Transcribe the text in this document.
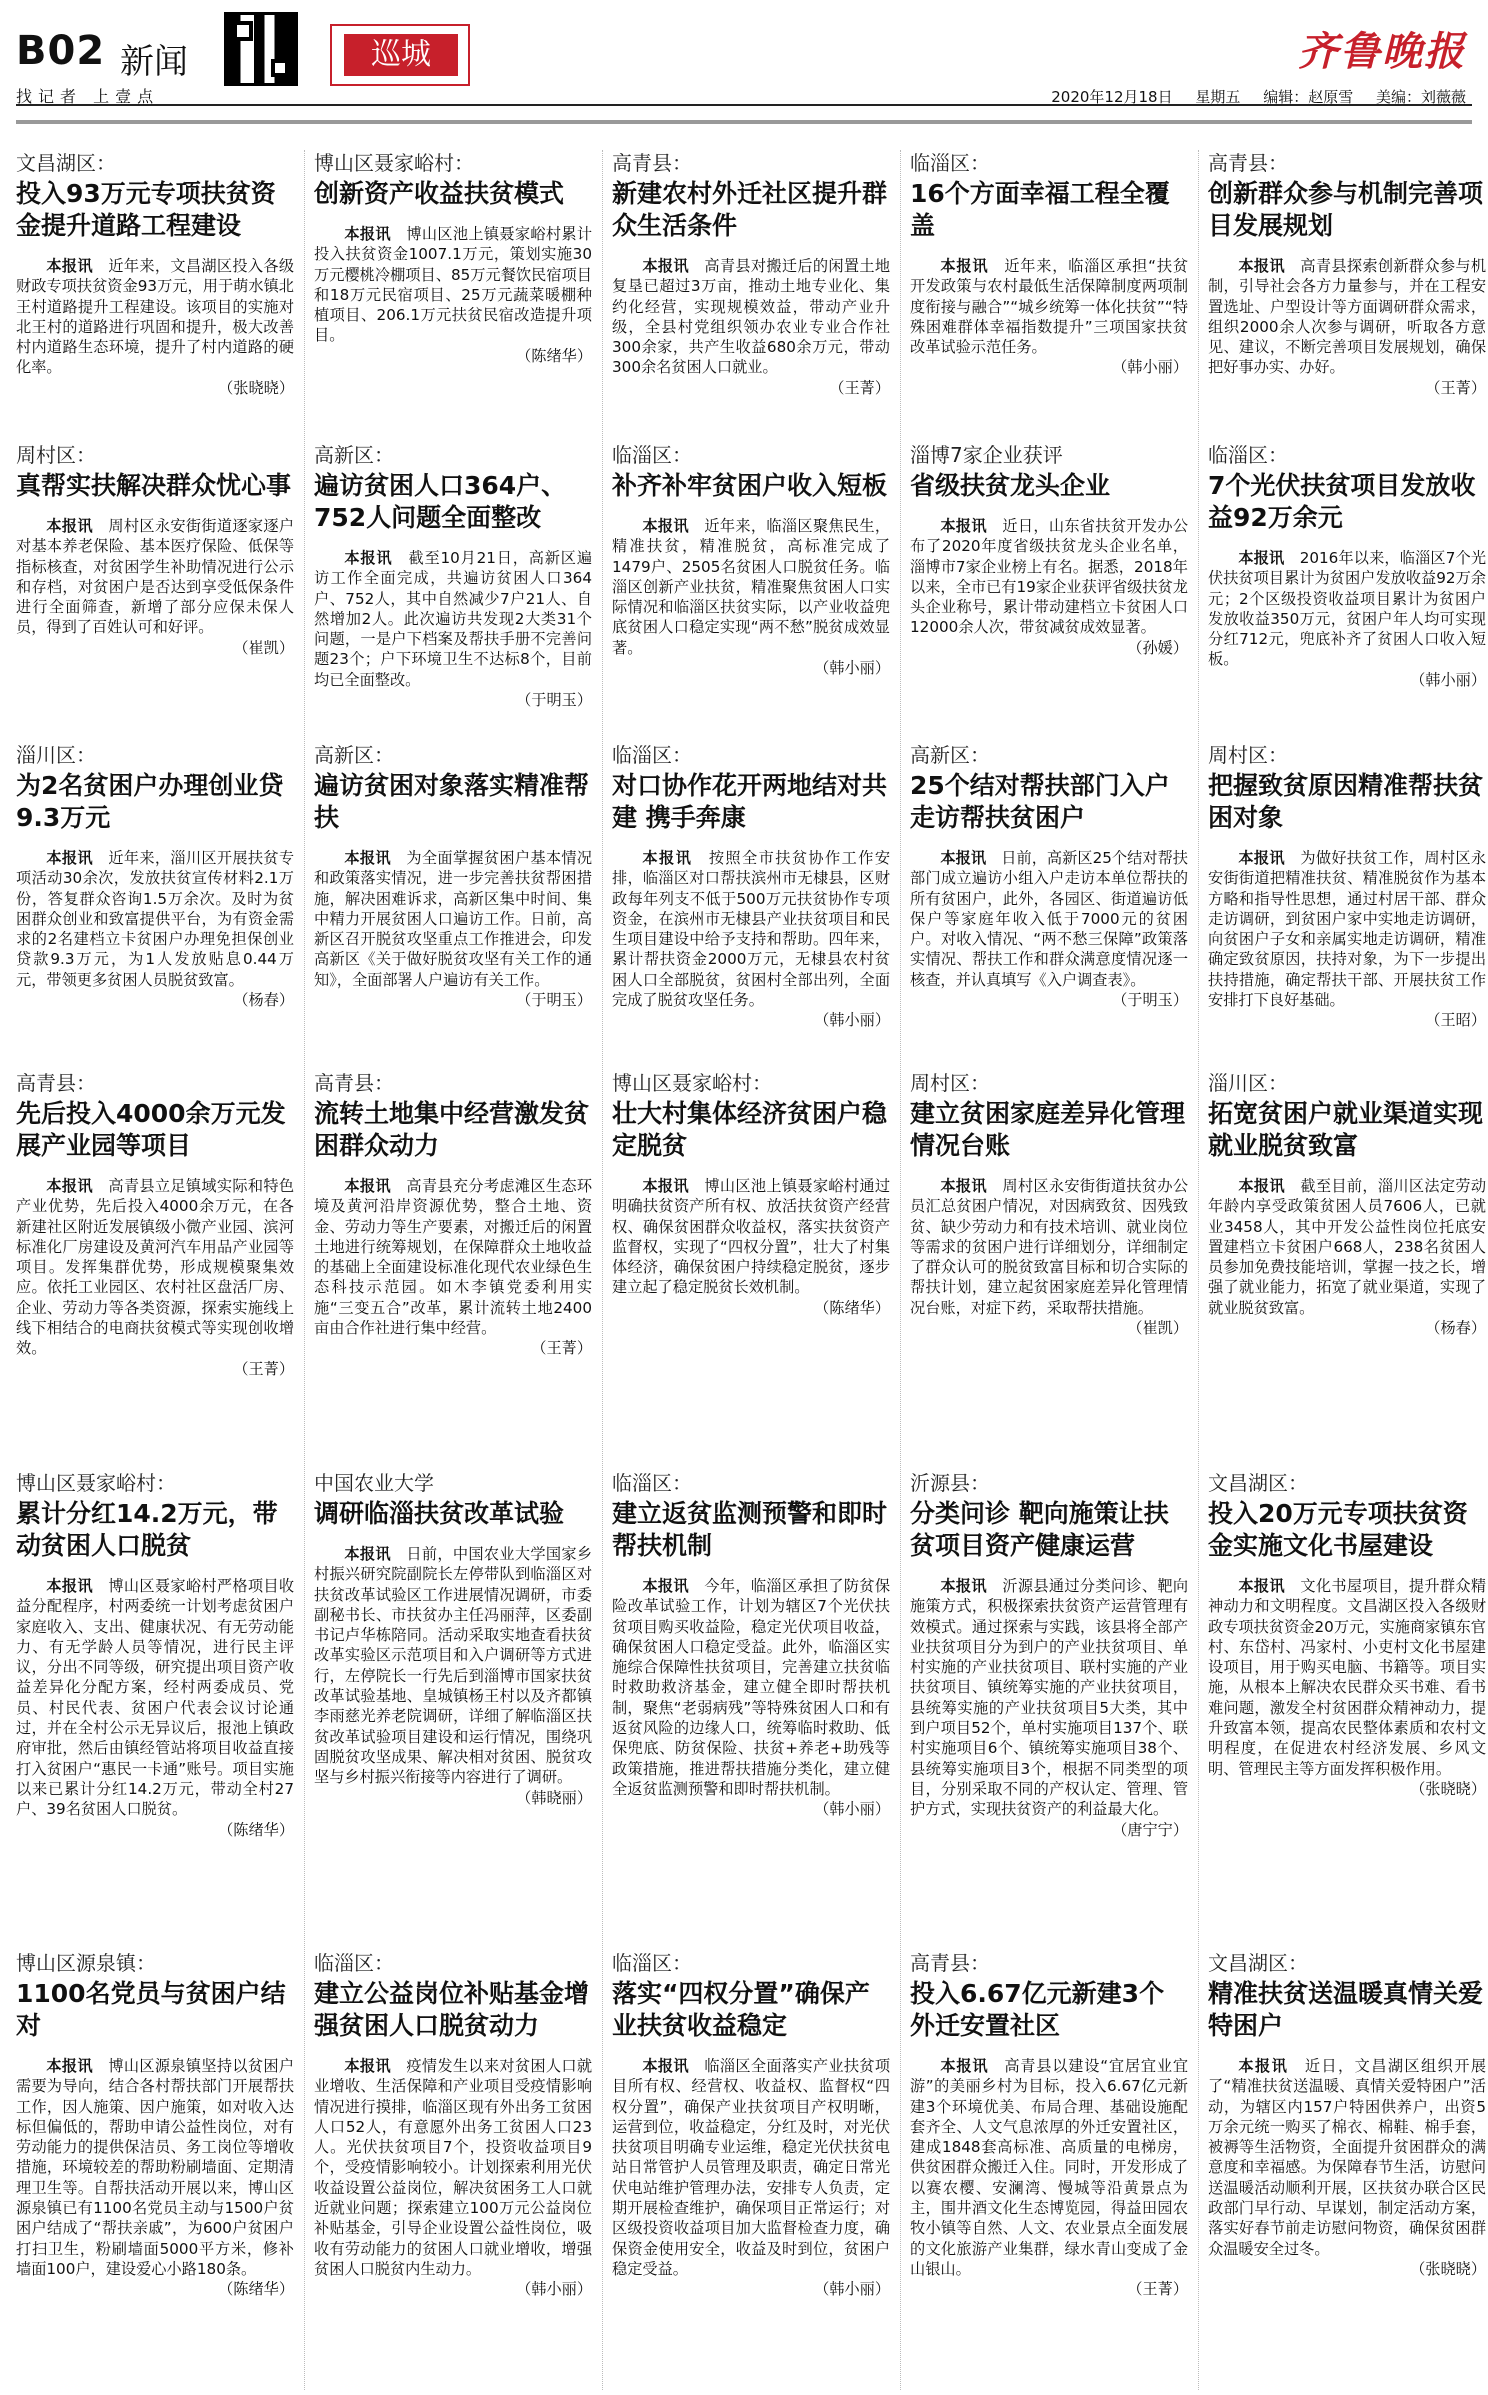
B02 新闻
找记者 上壹点
巡城	齐鲁晚报
2020年12月18日 星期五 编辑：赵原雪 美编：刘薇薇
文昌湖区：
投入93万元专项扶贫资金提升道路工程建设
本报讯　 近年来，文昌湖区投入各级财政专项扶贫资金93万元，用于萌水镇北王村道路提升工程建设。该项目的实施对北王村的道路进行巩固和提升，极大改善村内道路生态环境，提升了村内道路的硬化率。
（张晓晓）
博山区聂家峪村：
创新资产收益扶贫模式
本报讯　 博山区池上镇聂家峪村累计投入扶贫资金1007.1万元，策划实施30万元樱桃冷棚项目、85万元餐饮民宿项目和18万元民宿项目、25万元蔬菜暖棚种植项目、206.1万元扶贫民宿改造提升项目。
（陈绪华）
高青县：
新建农村外迁社区提升群众生活条件
本报讯　 高青县对搬迁后的闲置土地复垦已超过3万亩，推动土地专业化、集约化经营，实现规模效益，带动产业升级，全县村党组织领办农业专业合作社300余家，共产生收益680余万元，带动300余名贫困人口就业。
（王菁）
临淄区：
16个方面幸福工程全覆盖
本报讯　 近年来，临淄区承担“扶贫开发政策与农村最低生活保障制度两项制度衔接与融合”“城乡统筹一体化扶贫”“特殊困难群体幸福指数提升”三项国家扶贫改革试验示范任务。
（韩小丽）
高青县：
创新群众参与机制完善项目发展规划
本报讯　 高青县探索创新群众参与机制，引导社会各方力量参与，并在工程安置选址、户型设计等方面调研群众需求，组织2000余人次参与调研，听取各方意见、建议，不断完善项目发展规划，确保把好事办实、办好。
（王菁）
周村区：
真帮实扶解决群众忧心事
本报讯　 周村区永安街街道逐家逐户对基本养老保险、基本医疗保险、低保等指标核查，对贫困学生补助情况进行公示和存档，对贫困户是否达到享受低保条件进行全面筛查，新增了部分应保未保人员，得到了百姓认可和好评。
（崔凯）
高新区：
遍访贫困人口364户、752人问题全面整改
本报讯　 截至10月21日，高新区遍访工作全面完成，共遍访贫困人口364户、752人，其中自然减少7户21人、自然增加2人。此次遍访共发现2大类31个问题，一是户下档案及帮扶手册不完善问题23个；户下环境卫生不达标8个，目前均已全面整改。
（于明玉）
临淄区：
补齐补牢贫困户收入短板
本报讯　 近年来，临淄区聚焦民生，精准扶贫，精准脱贫，高标准完成了1479户、2505名贫困人口脱贫任务。临淄区创新产业扶贫，精准聚焦贫困人口实际情况和临淄区扶贫实际，以产业收益兜底贫困人口稳定实现“两不愁”脱贫成效显著。
（韩小丽）
淄博7家企业获评
省级扶贫龙头企业
本报讯　 近日，山东省扶贫开发办公布了2020年度省级扶贫龙头企业名单，淄博市7家企业榜上有名。据悉，2018年以来，全市已有19家企业获评省级扶贫龙头企业称号，累计带动建档立卡贫困人口12000余人次，带贫减贫成效显著。
（孙媛）
临淄区：
7个光伏扶贫项目发放收益92万余元
本报讯　 2016年以来，临淄区7个光伏扶贫项目累计为贫困户发放收益92万余元；2个区级投资收益项目累计为贫困户发放收益350万元，贫困户年人均可实现分红712元，兜底补齐了贫困人口收入短板。
（韩小丽）
淄川区：
为2名贫困户办理创业贷9.3万元
本报讯　 近年来，淄川区开展扶贫专项活动30余次，发放扶贫宣传材料2.1万份，答复群众咨询1.5万余次。及时为贫困群众创业和致富提供平台，为有资金需求的2名建档立卡贫困户办理免担保创业贷款9.3万元，为1人发放贴息0.44万元，带领更多贫困人员脱贫致富。
（杨春）
高新区：
遍访贫困对象落实精准帮扶
本报讯　 为全面掌握贫困户基本情况和政策落实情况，进一步完善扶贫帮困措施，解决困难诉求，高新区集中时间、集中精力开展贫困人口遍访工作。日前，高新区召开脱贫攻坚重点工作推进会，印发高新区《关于做好脱贫攻坚有关工作的通知》，全面部署人户遍访有关工作。
（于明玉）
临淄区：
对口协作花开两地结对共建 携手奔康
本报讯　 按照全市扶贫协作工作安排，临淄区对口帮扶滨州市无棣县，区财政每年列支不低于500万元扶贫协作专项资金，在滨州市无棣县产业扶贫项目和民生项目建设中给予支持和帮助。四年来，累计帮扶资金2000万元，无棣县农村贫困人口全部脱贫，贫困村全部出列，全面完成了脱贫攻坚任务。
（韩小丽）
高新区：
25个结对帮扶部门入户走访帮扶贫困户
本报讯　 日前，高新区25个结对帮扶部门成立遍访小组入户走访本单位帮扶的所有贫困户，此外，各园区、街道遍访低保户等家庭年收入低于7000元的贫困户。对收入情况、“两不愁三保障”政策落实情况、帮扶工作和群众满意度情况逐一核查，并认真填写《入户调查表》。
（于明玉）
周村区：
把握致贫原因精准帮扶贫困对象
本报讯　 为做好扶贫工作，周村区永安街街道把精准扶贫、精准脱贫作为基本方略和指导性思想，通过村居干部、群众走访调研，到贫困户家中实地走访调研，向贫困户子女和亲属实地走访调研，精准确定致贫原因，扶持对象，为下一步提出扶持措施，确定帮扶干部、开展扶贫工作安排打下良好基础。
（王昭）
高青县：
先后投入4000余万元发展产业园等项目
本报讯　 高青县立足镇域实际和特色产业优势，先后投入4000余万元，在各新建社区附近发展镇级小微产业园、滨河标准化厂房建设及黄河汽车用品产业园等项目。发挥集群优势，形成规模聚集效应。依托工业园区、农村社区盘活厂房、企业、劳动力等各类资源，探索实施线上线下相结合的电商扶贫模式等实现创收增效。
（王菁）
高青县：
流转土地集中经营激发贫困群众动力
本报讯　 高青县充分考虑滩区生态环境及黄河沿岸资源优势，整合土地、资金、劳动力等生产要素，对搬迁后的闲置土地进行统筹规划，在保障群众土地收益的基础上全面建设标准化现代农业绿色生态科技示范园。如木李镇党委利用实施“三变五合”改革，累计流转土地2400亩由合作社进行集中经营。
（王菁）
博山区聂家峪村：
壮大村集体经济贫困户稳定脱贫
本报讯　 博山区池上镇聂家峪村通过明确扶贫资产所有权、放活扶贫资产经营权、确保贫困群众收益权，落实扶贫资产监督权，实现了“四权分置”，壮大了村集体经济，确保贫困户持续稳定脱贫，逐步建立起了稳定脱贫长效机制。
（陈绪华）
周村区：
建立贫困家庭差异化管理情况台账
本报讯　 周村区永安街街道扶贫办公员汇总贫困户情况，对因病致贫、因残致贫、缺少劳动力和有技术培训、就业岗位等需求的贫困户进行详细划分，详细制定了群众认可的脱贫致富目标和切合实际的帮扶计划，建立起贫困家庭差异化管理情况台账，对症下药，采取帮扶措施。
（崔凯）
淄川区：
拓宽贫困户就业渠道实现就业脱贫致富
本报讯　 截至目前，淄川区法定劳动年龄内享受政策贫困人员7606人，已就业3458人，其中开发公益性岗位托底安置建档立卡贫困户668人，238名贫困人员参加免费技能培训，掌握一技之长，增强了就业能力，拓宽了就业渠道，实现了就业脱贫致富。
（杨春）
博山区聂家峪村：
累计分红14.2万元，带动贫困人口脱贫
本报讯　 博山区聂家峪村严格项目收益分配程序，村两委统一计划考虑贫困户家庭收入、支出、健康状况、有无劳动能力、有无学龄人员等情况，进行民主评议，分出不同等级，研究提出项目资产收益差异化分配方案，经村两委成员、党员、村民代表、贫困户代表会议讨论通过，并在全村公示无异议后，报池上镇政府审批，然后由镇经管站将项目收益直接打入贫困户“惠民一卡通”账号。项目实施以来已累计分红14.2万元，带动全村27户、39名贫困人口脱贫。
（陈绪华）
中国农业大学
调研临淄扶贫改革试验
本报讯　 日前，中国农业大学国家乡村振兴研究院副院长左停带队到临淄区对扶贫改革试验区工作进展情况调研，市委副秘书长、市扶贫办主任冯丽萍，区委副书记卢华栋陪同。活动采取实地查看扶贫改革实验区示范项目和入户调研等方式进行，左停院长一行先后到淄博市国家扶贫改革试验基地、皇城镇杨王村以及齐都镇李雨慈光养老院调研，详细了解临淄区扶贫改革试验项目建设和运行情况，围绕巩固脱贫攻坚成果、解决相对贫困、脱贫攻坚与乡村振兴衔接等内容进行了调研。
（韩晓丽）
临淄区：
建立返贫监测预警和即时帮扶机制
本报讯　 今年，临淄区承担了防贫保险改革试验工作，计划为辖区7个光伏扶贫项目购买收益险，稳定光伏项目收益，确保贫困人口稳定受益。此外，临淄区实施综合保障性扶贫项目，完善建立扶贫临时救助救济基金，建立健全即时帮扶机制，聚焦“老弱病残”等特殊贫困人口和有返贫风险的边缘人口，统筹临时救助、低保兜底、防贫保险、扶贫+养老+助残等政策措施，推进帮扶措施分类化，建立健全返贫监测预警和即时帮扶机制。
（韩小丽）
沂源县：
分类问诊 靶向施策让扶贫项目资产健康运营
本报讯　 沂源县通过分类问诊、靶向施策方式，积极探索扶贫资产运营管理有效模式。通过探索与实践，该县将全部产业扶贫项目分为到户的产业扶贫项目、单村实施的产业扶贫项目、联村实施的产业扶贫项目、镇统筹实施的产业扶贫项目，县统筹实施的产业扶贫项目5大类，其中到户项目52个，单村实施项目137个、联村实施项目6个、镇统筹实施项目38个、县统筹实施项目3个，根据不同类型的项目，分别采取不同的产权认定、管理、管护方式，实现扶贫资产的利益最大化。
（唐宁宁）
文昌湖区：
投入20万元专项扶贫资金实施文化书屋建设
本报讯　 文化书屋项目，提升群众精神动力和文明程度。文昌湖区投入各级财政专项扶贫资金20万元，实施商家镇东官村、东岱村、冯家村、小吏村文化书屋建设项目，用于购买电脑、书籍等。项目实施，从根本上解决农民群众买书难、看书难问题，激发全村贫困群众精神动力，提升致富本领，提高农民整体素质和农村文明程度，在促进农村经济发展、乡风文明、管理民主等方面发挥积极作用。
（张晓晓）
博山区源泉镇：
1100名党员与贫困户结对
本报讯　 博山区源泉镇坚持以贫困户需要为导向，结合各村帮扶部门开展帮扶工作，因人施策、因户施策，如对收入达标但偏低的，帮助申请公益性岗位，对有劳动能力的提供保洁员、务工岗位等增收措施，环境较差的帮助粉刷墙面、定期清理卫生等。自帮扶活动开展以来，博山区源泉镇已有1100名党员主动与1500户贫困户结成了“帮扶亲戚”，为600户贫困户打扫卫生，粉刷墙面5000平方米，修补墙面100户，建设爱心小路180条。
（陈绪华）
临淄区：
建立公益岗位补贴基金增强贫困人口脱贫动力
本报讯　 疫情发生以来对贫困人口就业增收、生活保障和产业项目受疫情影响情况进行摸排，临淄区现有外出务工贫困人口52人，有意愿外出务工贫困人口23人。光伏扶贫项目7个，投资收益项目9个，受疫情影响较小。计划探索利用光伏收益设置公益岗位，解决贫困务工人口就近就业问题；探索建立100万元公益岗位补贴基金，引导企业设置公益性岗位，吸收有劳动能力的贫困人口就业增收，增强贫困人口脱贫内生动力。
（韩小丽）
临淄区：
落实“四权分置”确保产业扶贫收益稳定
本报讯　 临淄区全面落实产业扶贫项目所有权、经营权、收益权、监督权“四权分置”，确保产业扶贫项目产权明晰，运营到位，收益稳定，分红及时，对光伏扶贫项目明确专业运维，稳定光伏扶贫电站日常管护人员管理及职责，确定日常光伏电站维护管理办法，安排专人负责，定期开展检查维护，确保项目正常运行；对区级投资收益项目加大监督检查力度，确保资金使用安全，收益及时到位，贫困户稳定受益。
（韩小丽）
高青县：
投入6.67亿元新建3个外迁安置社区
本报讯　 高青县以建设“宜居宜业宜游”的美丽乡村为目标，投入6.67亿元新建3个环境优美、布局合理、基础设施配套齐全、人文气息浓厚的外迁安置社区，建成1848套高标准、高质量的电梯房，供贫困群众搬迁入住。同时，开发形成了以赛农樱、安澜湾、慢城等沿黄景点为主，围井酒文化生态博览园，得益田园农牧小镇等自然、人文、农业景点全面发展的文化旅游产业集群，绿水青山变成了金山银山。
（王菁）
文昌湖区：
精准扶贫送温暖真情关爱特困户
本报讯　 近日，文昌湖区组织开展了“精准扶贫送温暖、真情关爱特困户”活动，为辖区内157户特困供养户，出资5万余元统一购买了棉衣、棉鞋、棉手套，被褥等生活物资，全面提升贫困群众的满意度和幸福感。为保障春节生活，访慰问送温暖活动顺利开展，区扶贫办联合区民政部门早行动、早谋划，制定活动方案，落实好春节前走访慰问物资，确保贫困群众温暖安全过冬。
（张晓晓）
